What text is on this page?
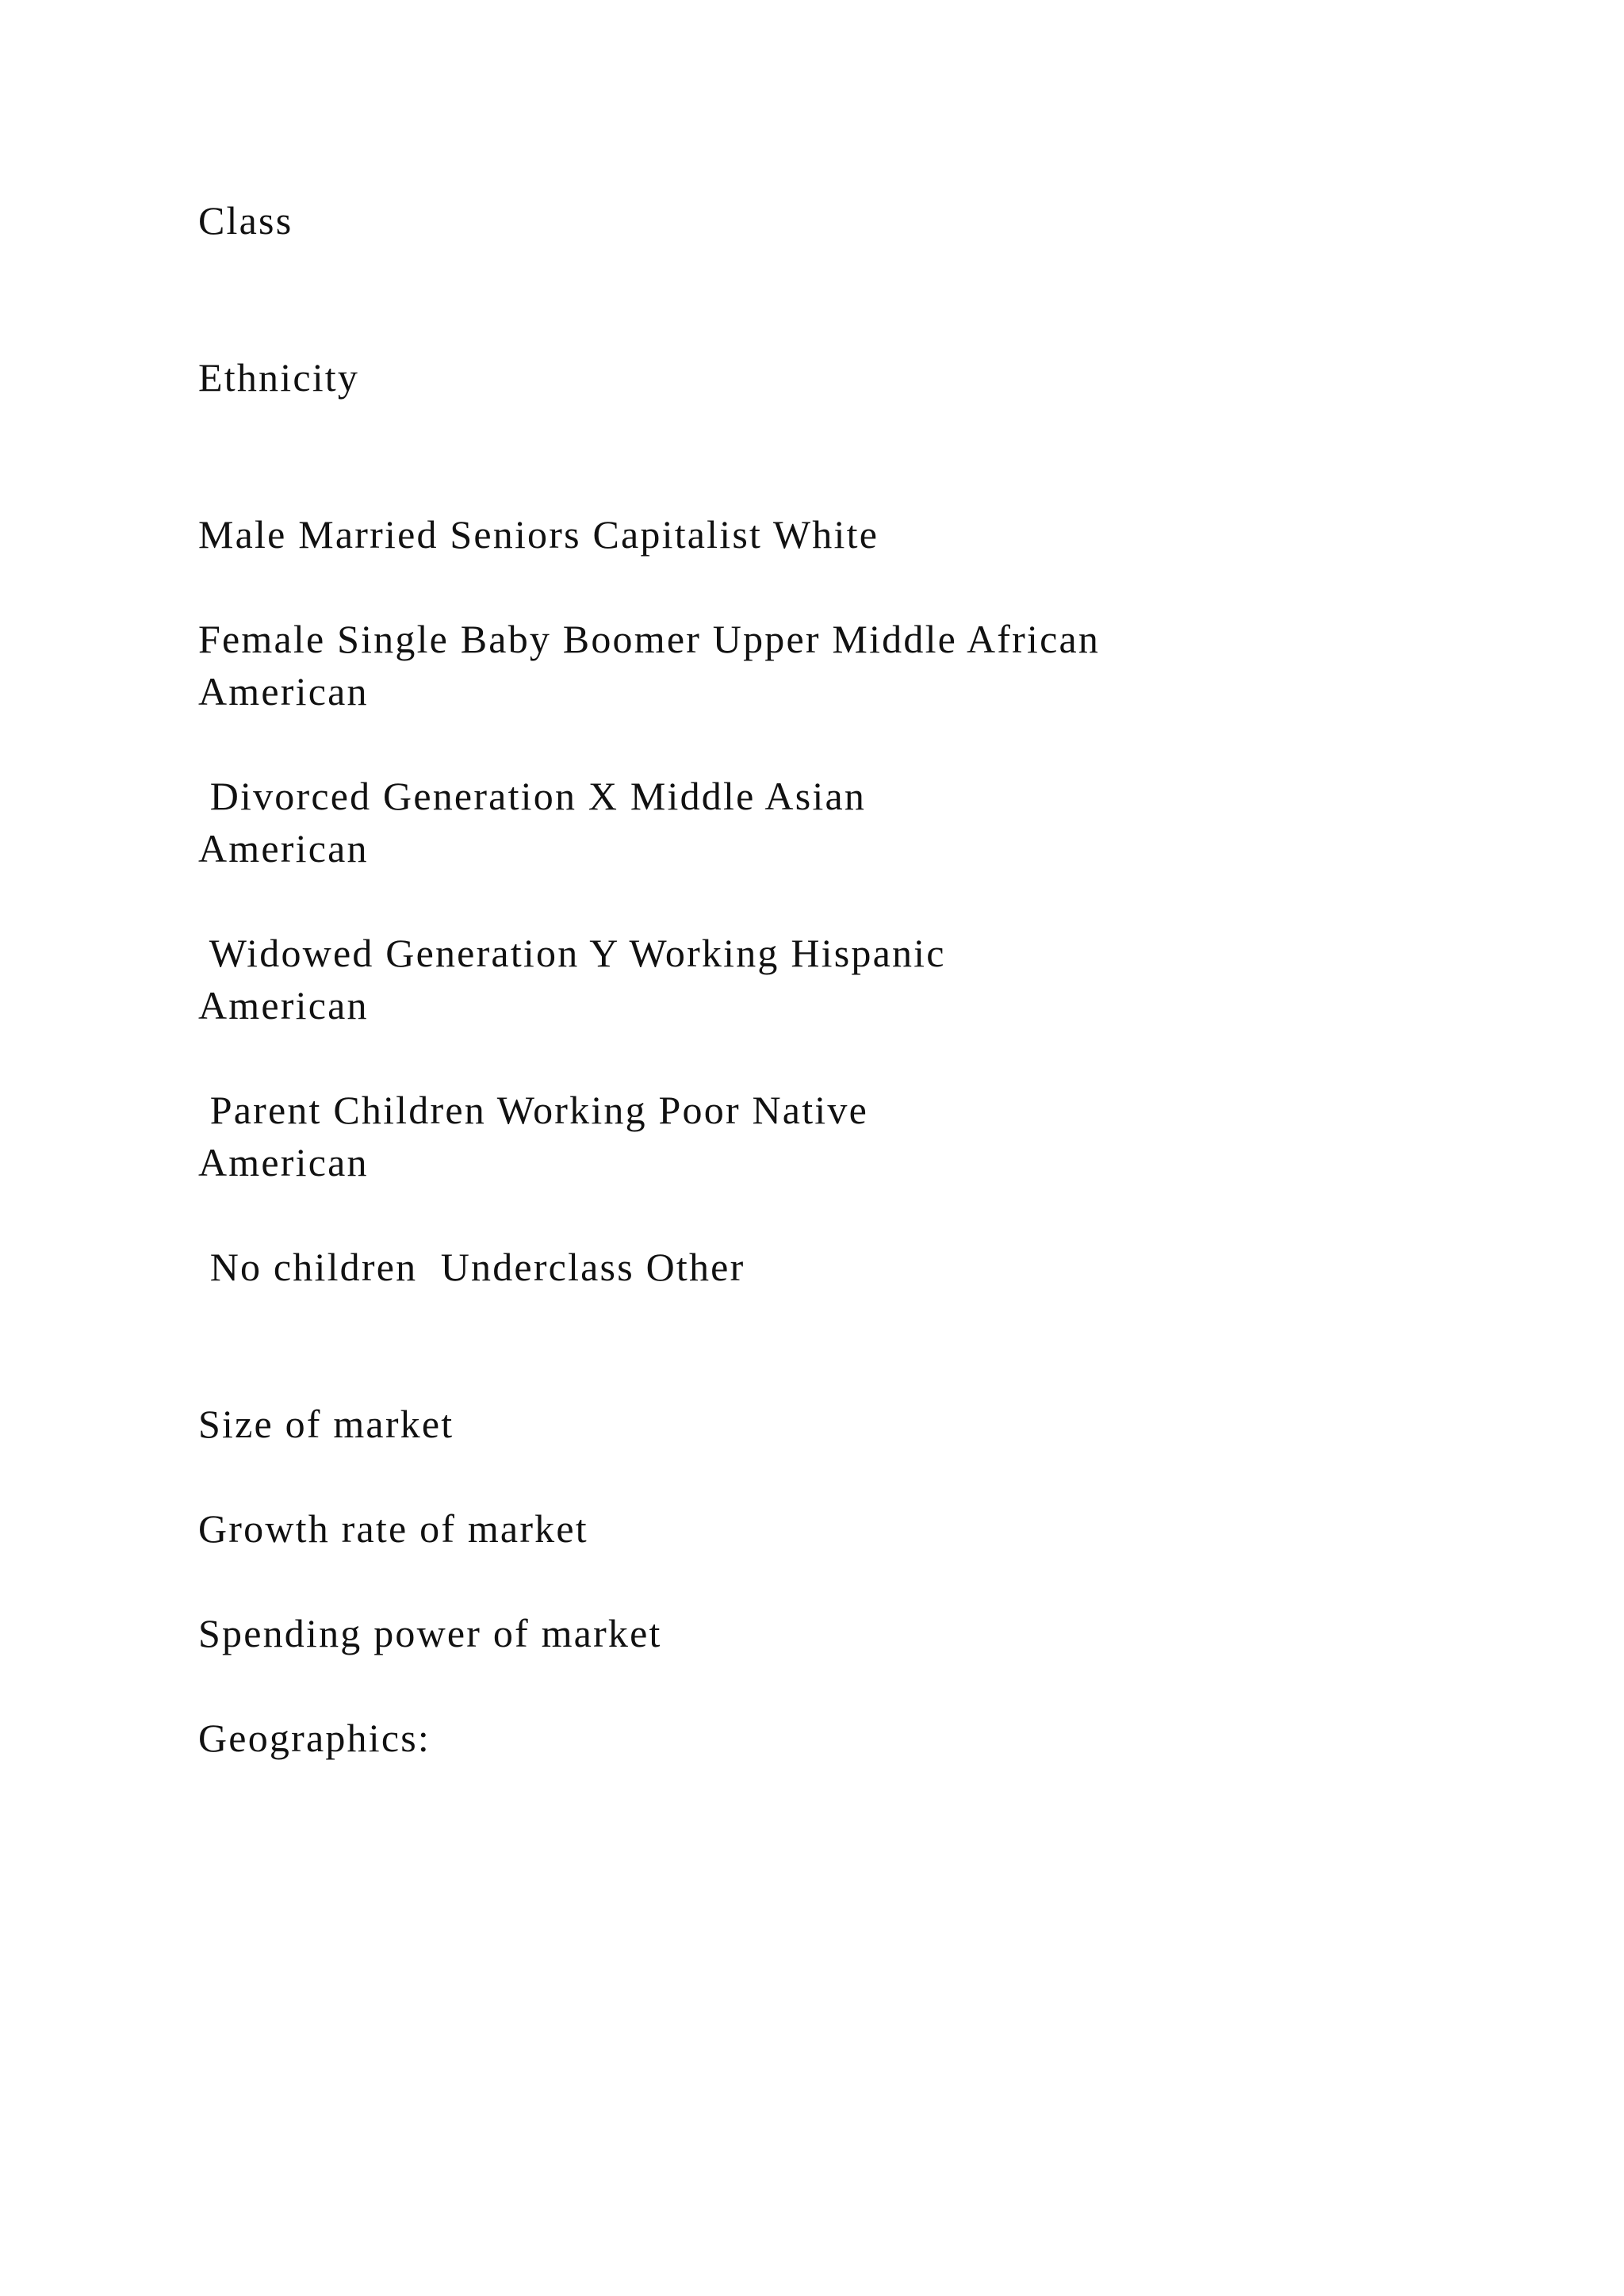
Class

Ethnicity

Male Married Seniors Capitalist White

Female Single Baby Boomer Upper Middle African

American

Divorced Generation X Middle Asian

American

Widowed Generation Y Working Hispanic

American

Parent Children Working Poor Native

American

No children  Underclass Other

Size of market

Growth rate of market

Spending power of market

Geographics:
